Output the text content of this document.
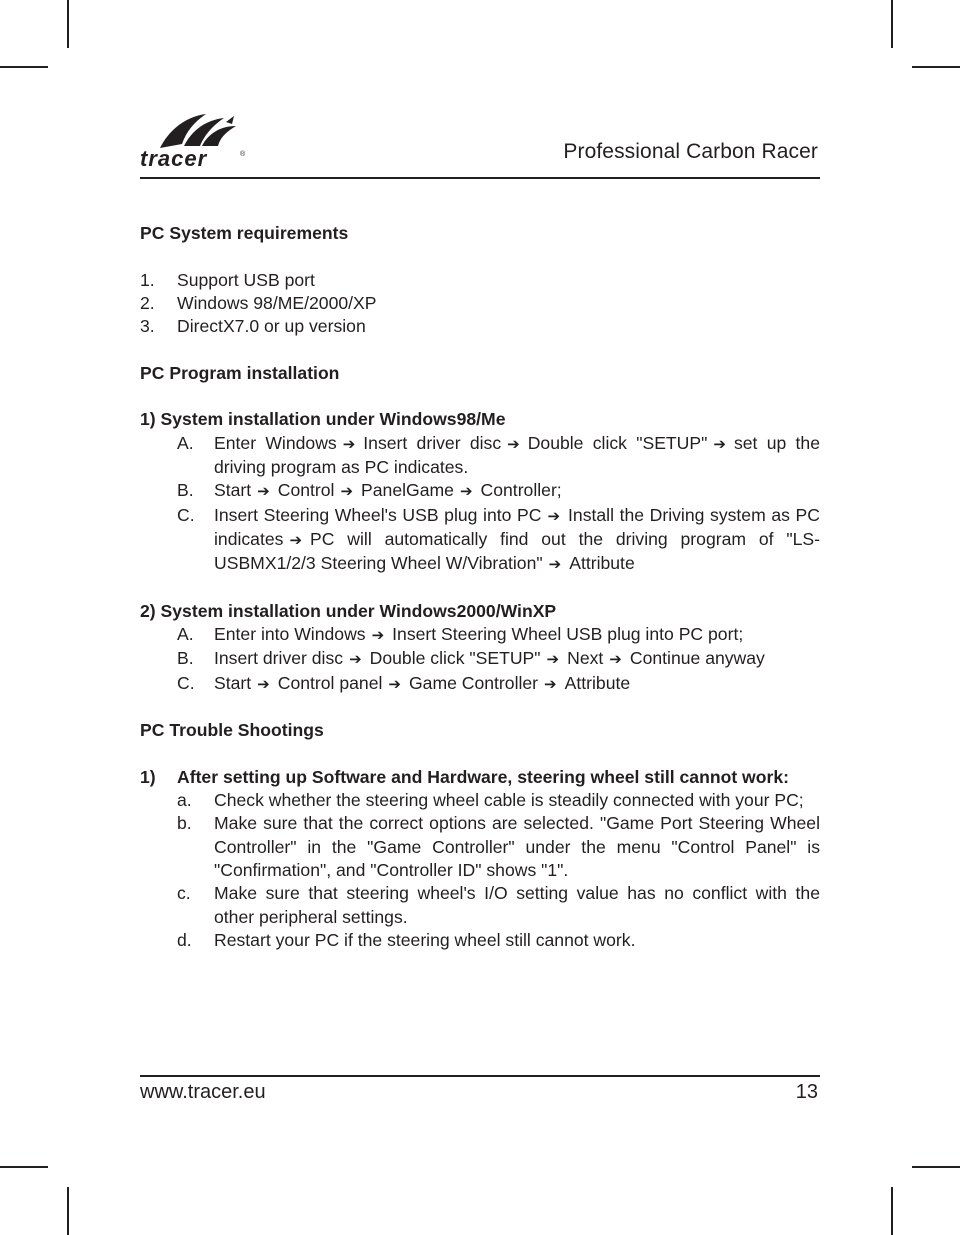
tracer	®	Professional Carbon Racer

PC System requirements

1.	Support USB port
2.	Windows 98/ME/2000/XP
3.	DirectX7.0 or up version

PC Program installation

1) System installation under Windows98/Me

A.	Enter Windows ➔ Insert driver disc ➔ Double click "SETUP" ➔ set up the driving program as PC indicates.
B.	Start ➔ Control ➔ PanelGame ➔ Controller;
C.	Insert Steering Wheel's USB plug into PC ➔ Install the Driving system as PC indicates ➔ PC will automatically find out the driving program of "LS-USBMX1/2/3 Steering Wheel W/Vibration" ➔ Attribute

2) System installation under Windows2000/WinXP

A.	Enter into Windows ➔ Insert Steering Wheel USB plug into PC port;
B.	Insert driver disc ➔ Double click "SETUP" ➔ Next ➔ Continue anyway
C.	Start ➔ Control panel ➔ Game Controller ➔ Attribute

PC Trouble Shootings

1)	After setting up Software and Hardware, steering wheel still cannot work:
a.	Check whether the steering wheel cable is steadily connected with your PC;
b.	Make sure that the correct options are selected. "Game Port Steering Wheel Controller" in the "Game Controller" under the menu "Control Panel" is "Confirmation", and "Controller ID" shows "1".
c.	Make sure that steering wheel's I/O setting value has no conflict with the other peripheral settings.
d.	Restart your PC if the steering wheel still cannot work.
www.tracer.eu	13
